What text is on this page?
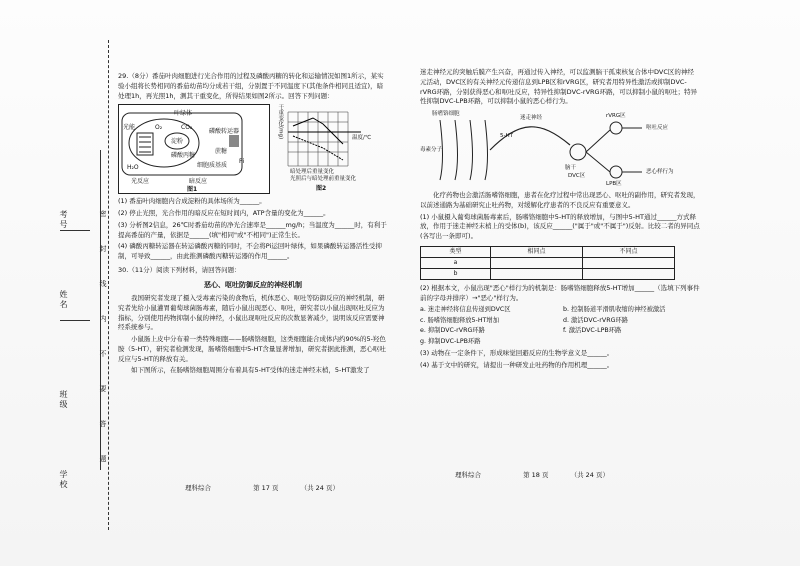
考号
姓名
班级
学校
密
封
线
内
不
要
答
题

29.（8分）番茄叶肉细胞进行光合作用的过程及磷酸丙糖的转化和运输情况如图1所示，某实验小组将长势相同的番茄幼苗均分成若干组，分别置于不同温度下(其他条件相同且适宜)，暗处理1h，再光照1h，测其干重变化，所得结果如图2所示。回答下列问题：

叶绿体
光能
H₂O
O₂	CO₂
淀粉
磷酸丙糖
磷酸转运器
蔗糖
细胞质基质
Pi
光反应	暗反应
图1
干重变化(mg)	温度/℃
暗处理后重量变化
光照后与暗处理前重量变化
图2

(1) 番茄叶肉细胞内合成淀粉的具体场所为______。

(2) 停止光照，光合作用的暗反应在短时间内，ATP含量的变化为______。

(3) 分析图2信息，26℃时番茄幼苗的净光合速率是______mg/h；当温度为______时，有利于提高番茄的产量，依据是______(填"相同"或"不相同")正常生长。

(4) 磷酸丙糖转运器在转运磷酸丙糖的同时，不会将Pi运回叶绿体，如果磷酸转运器活性受抑制，可导致______，由此推测磷酸丙糖转运器的作用______。

30.（11分）阅读下列材料，请回答问题：

恶心、呕吐防御反应的神经机制

我国研究者发现了摄入受毒素污染的食物后，机体恶心、呕吐等防御反应的神经机制，研究者先给小鼠灌胃葡萄球菌肠毒素，随后小鼠出现恶心、呕吐，研究者以小鼠出现呕吐反应为指标，分别使用药物抑制小鼠的神经，小鼠出现呕吐反应的次数显著减少，说明该反应需要神经系统参与。

小鼠肠上皮中分布着一类特殊细胞——肠嗜铬细胞，这类细胞能合成体内约90%的5-羟色胺（5-HT），研究者检测发现，肠嗜铬细胞中5-HT含量显著增加，研究者据此推测，恶心呕吐反应与5-HT的释放有关。

如下图所示，在肠嗜铬细胞周围分布着具有5-HT受体的迷走神经末梢，5-HT激发了

理科综合	第 17 页	（共 24 页）

迷走神经元的突触后膜产生兴奋，再通过传入神经，可以监测脑干孤束核复合体中DVC区的神经元活动，DVC区的有关神经元传递信息到LPB区和rVRG区，研究者用特异性激活或抑制DVC-rVRG环路，分别获得恶心和呕吐反应，特异性抑制DVC-rVRG环路，可以抑制小鼠的呕吐；特异性抑制DVC-LPB环路，可以抑制小鼠的恶心样行为。

肠嗜铬细胞
毒素分子
5-HT
迷走神经
脑干
DVC区
rVRG区
LPB区
呕吐反应
恶心样行为

化疗药物也会激活肠嗜铬细胞，患者在化疗过程中常出现恶心、呕吐的副作用，研究者发现，以前述通路为基础研究止吐药物，对缓解化疗患者的不良反应有重要意义。

(1) 小鼠摄入葡萄球菌肠毒素后，肠嗜铬细胞中5-HT的释放增加，与图中5-HT通过______方式释放，作用于迷走神经末梢上的受体(b)，该反应______("属于"或"不属于")反射。比较二者的异同点(各写出一条即可)。

类型	相同点	不同点
a		
b		

(2) 根据本文，小鼠出现"恶心"样行为的机制是：肠嗜铬细胞释放5-HT增加______（选填下列事件前的字母并排序）→"恶心"样行为。

a. 迷走神经将信息传递到DVC区	b. 控制肠道平滑肌收缩的神经被激活
c. 肠嗜铬细胞释放5-HT增加	d. 激活DVC-rVRG环路
e. 抑制DVC-rVRG环路	f. 激活DVC-LPB环路
g. 抑制DVC-LPB环路

(3) 动物在一定条件下，形成味觉回避反应的生物学意义是______。

(4) 基于文中的研究，请提出一种研发止吐药物的作用机理______。

理科综合	第 18 页	（共 24 页）
